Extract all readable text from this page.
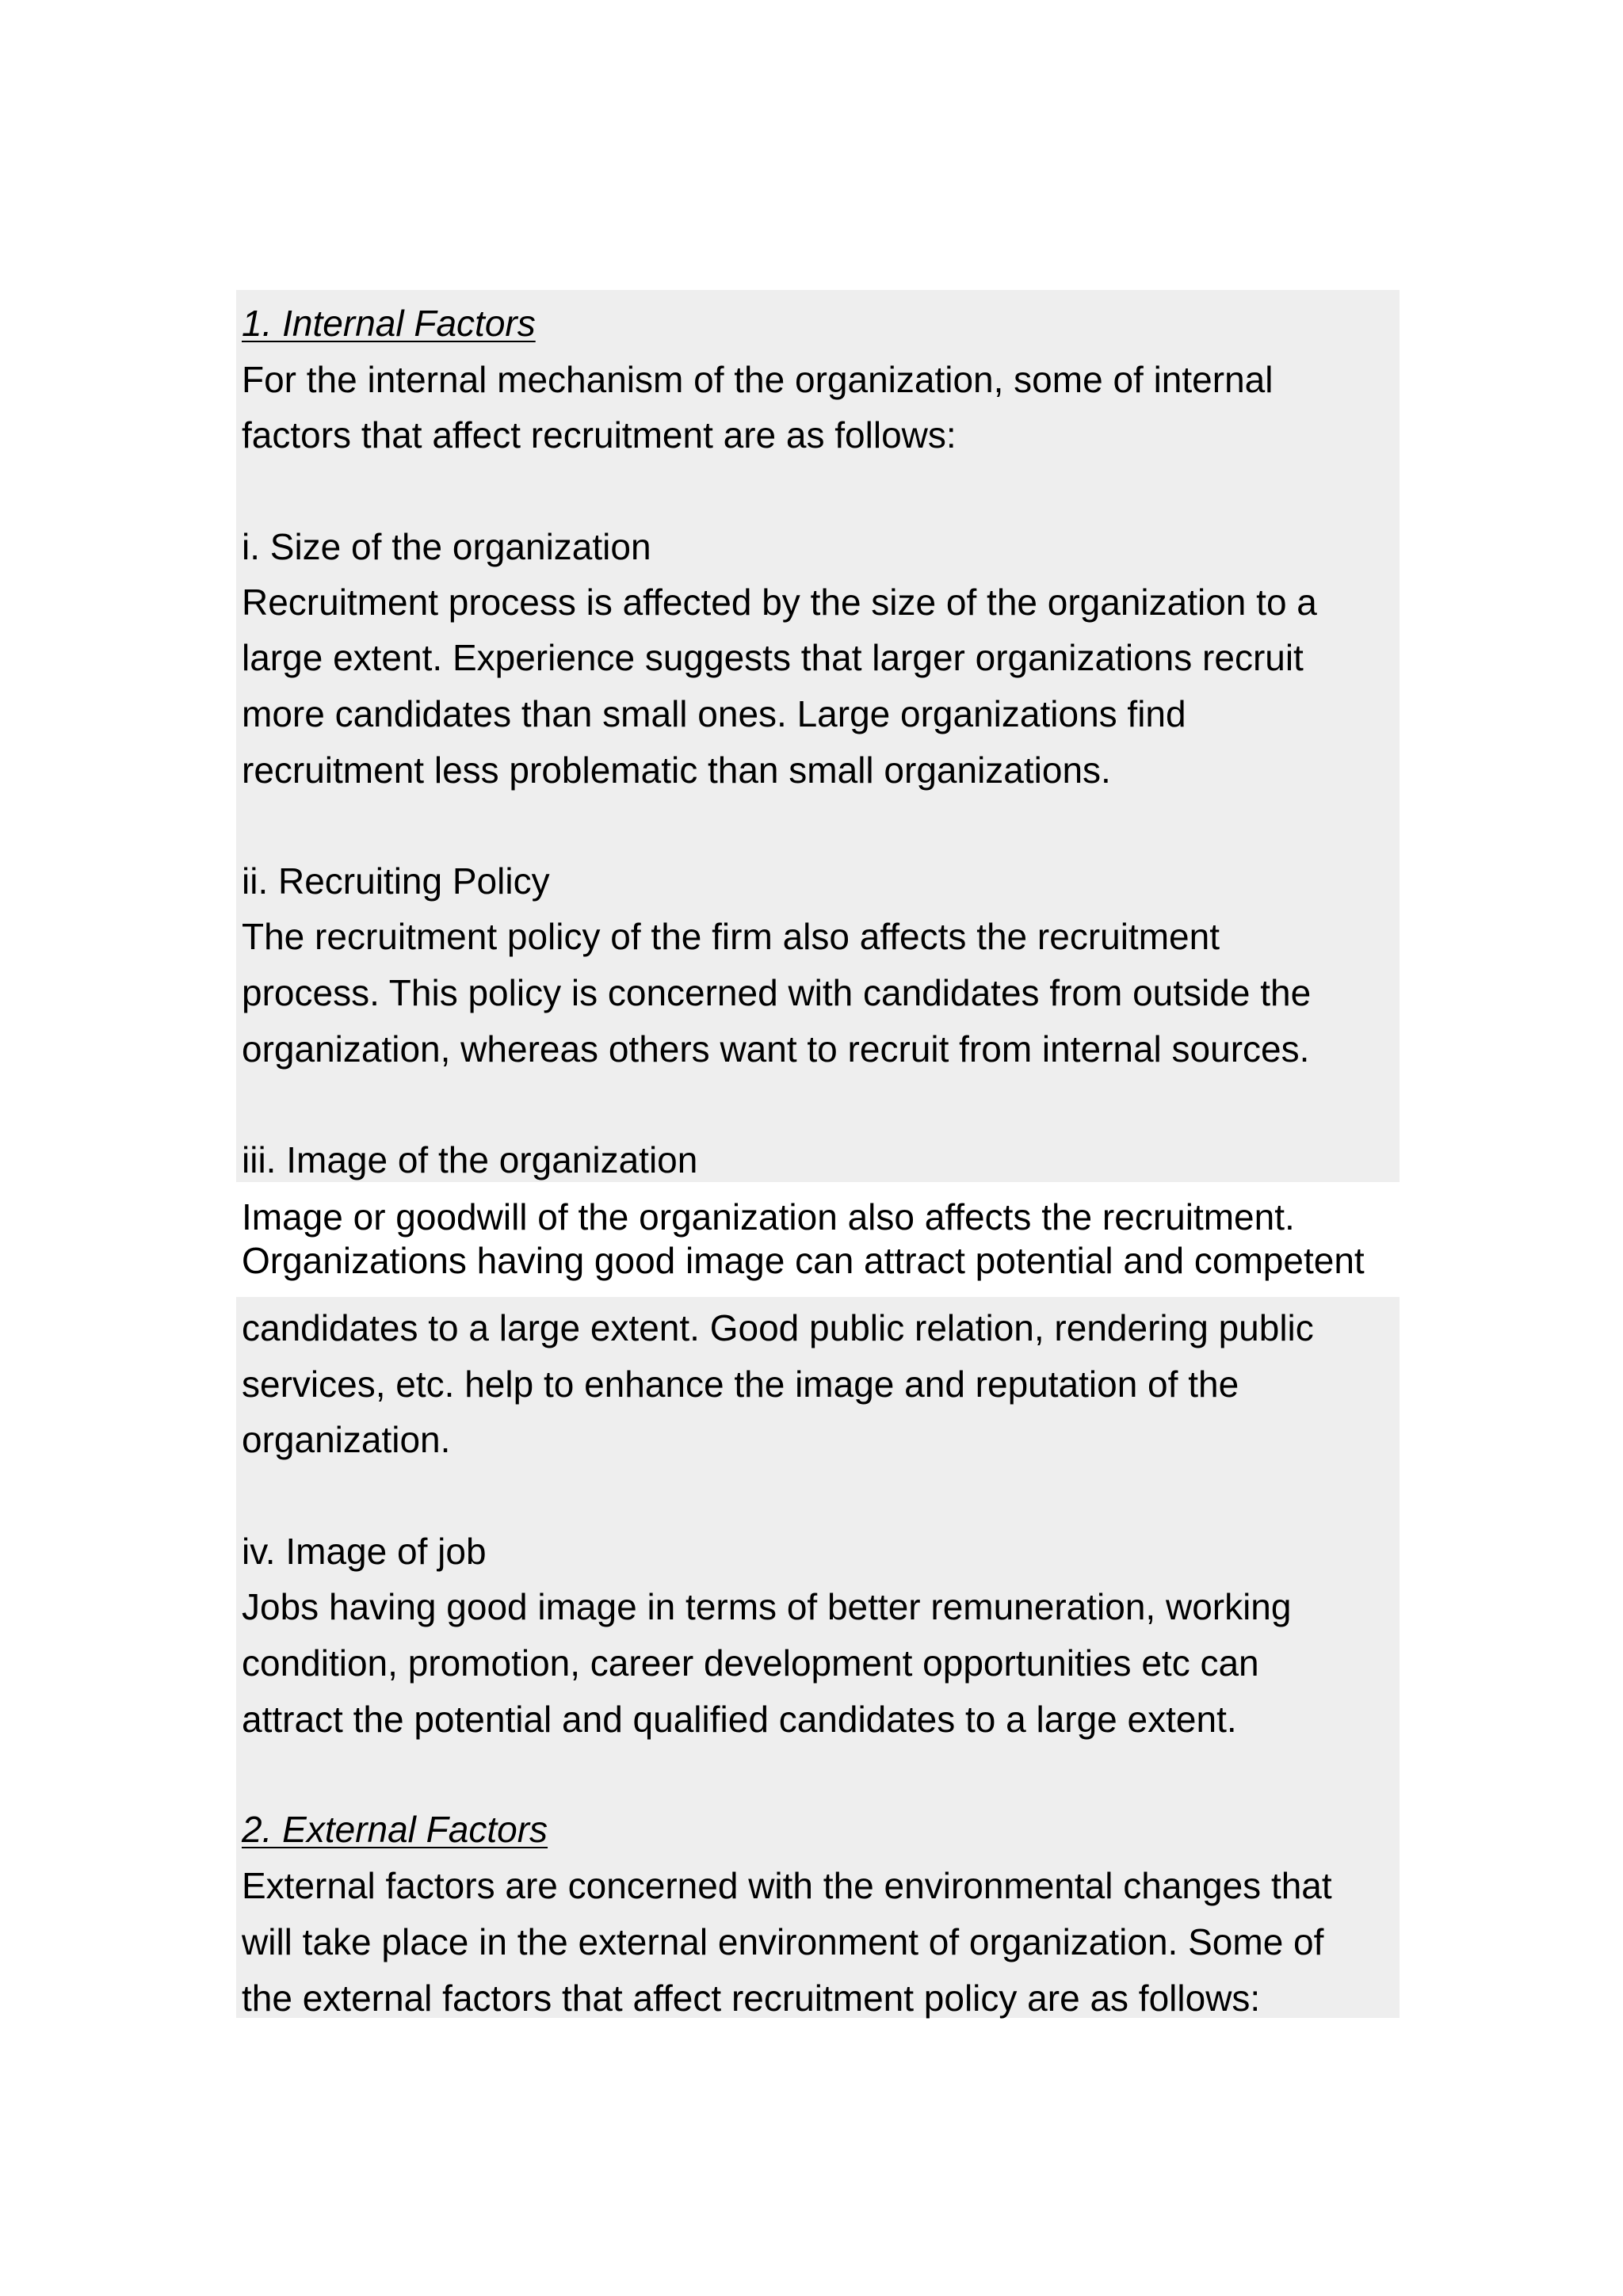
1. Internal Factors
For the internal mechanism of the organization, some of internal
factors that affect recruitment are as follows:
i. Size of the organization
Recruitment process is affected by the size of the organization to a
large extent. Experience suggests that larger organizations recruit
more candidates than small ones. Large organizations find
recruitment less problematic than small organizations.
ii. Recruiting Policy
The recruitment policy of the firm also affects the recruitment
process. This policy is concerned with candidates from outside the
organization, whereas others want to recruit from internal sources.
iii. Image of the organization
Image or goodwill of the organization also affects the recruitment.
Organizations having good image can attract potential and competent
candidates to a large extent. Good public relation, rendering public
services, etc. help to enhance the image and reputation of the
organization.
iv. Image of job
Jobs having good image in terms of better remuneration, working
condition, promotion, career development opportunities etc can
attract the potential and qualified candidates to a large extent.
2. External Factors
External factors are concerned with the environmental changes that
will take place in the external environment of organization. Some of
the external factors that affect recruitment policy are as follows:
